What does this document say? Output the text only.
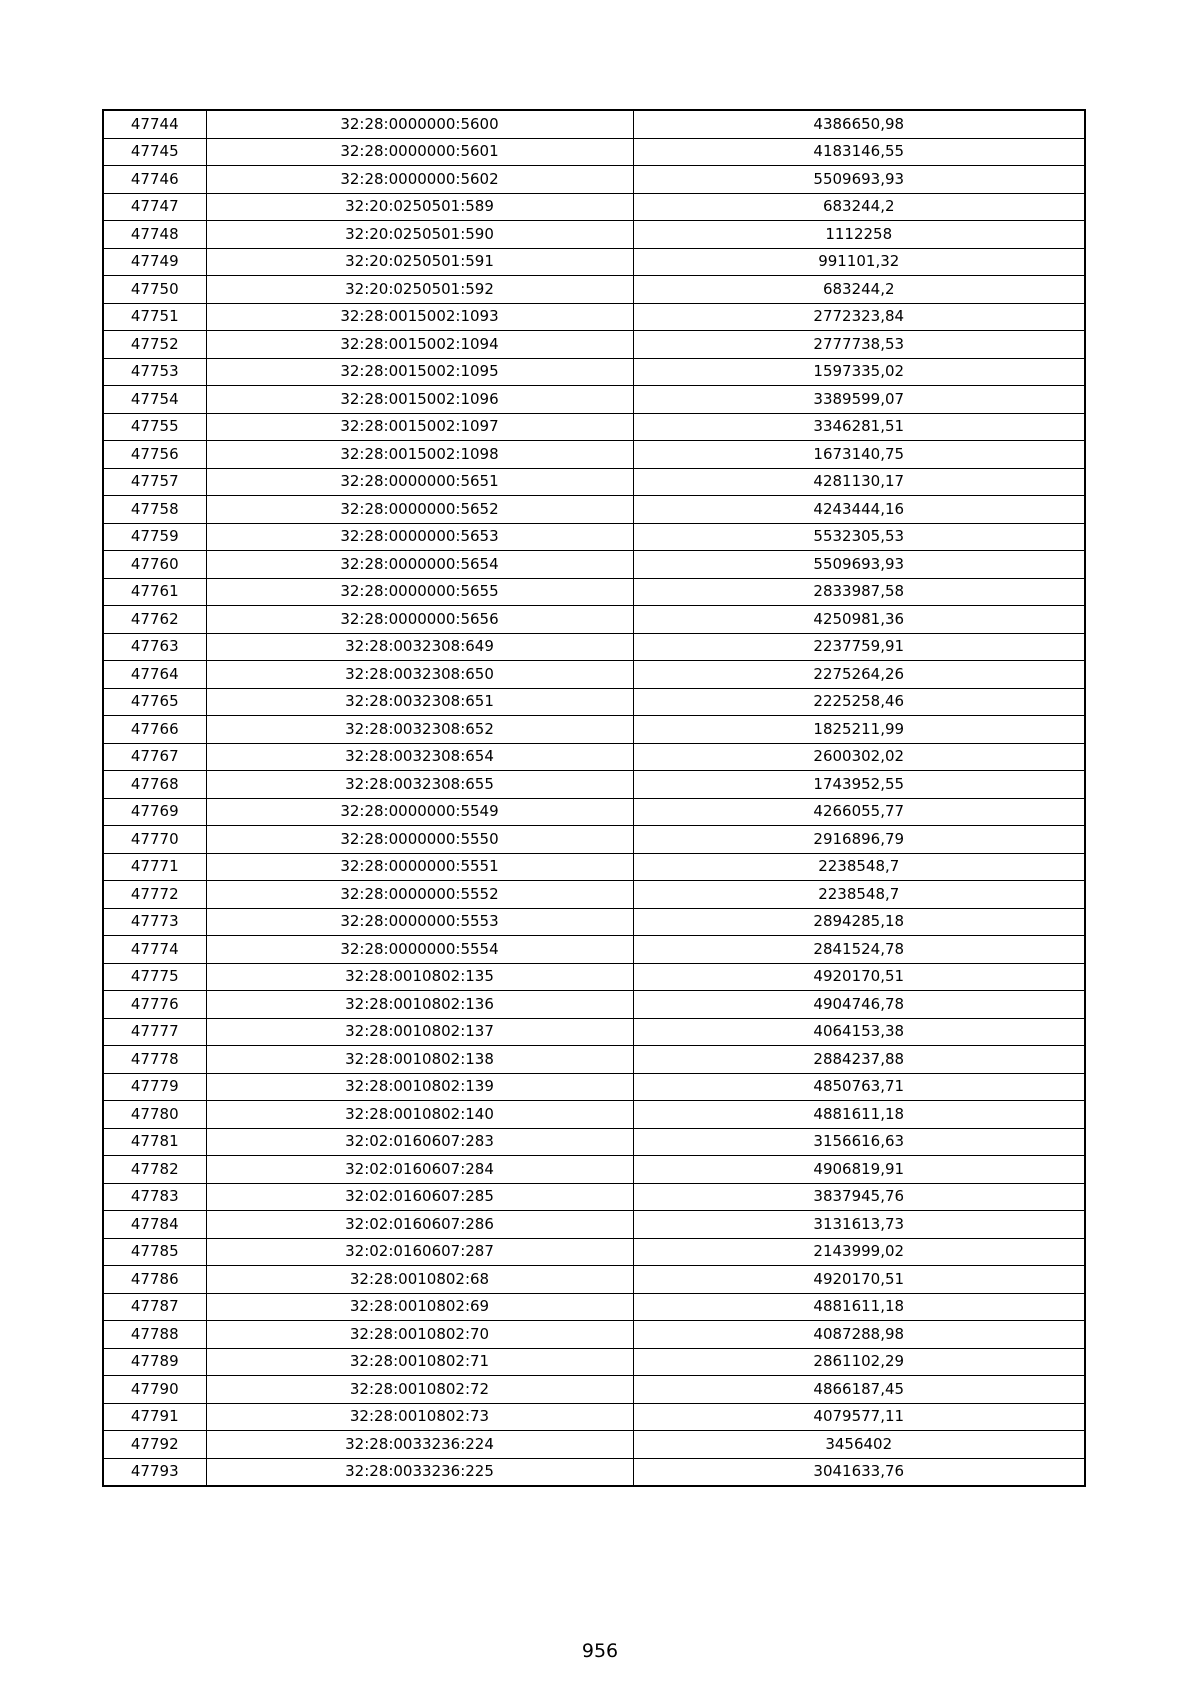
47744	32:28:0000000:5600	4386650,98
47745	32:28:0000000:5601	4183146,55
47746	32:28:0000000:5602	5509693,93
47747	32:20:0250501:589	683244,2
47748	32:20:0250501:590	1112258
47749	32:20:0250501:591	991101,32
47750	32:20:0250501:592	683244,2
47751	32:28:0015002:1093	2772323,84
47752	32:28:0015002:1094	2777738,53
47753	32:28:0015002:1095	1597335,02
47754	32:28:0015002:1096	3389599,07
47755	32:28:0015002:1097	3346281,51
47756	32:28:0015002:1098	1673140,75
47757	32:28:0000000:5651	4281130,17
47758	32:28:0000000:5652	4243444,16
47759	32:28:0000000:5653	5532305,53
47760	32:28:0000000:5654	5509693,93
47761	32:28:0000000:5655	2833987,58
47762	32:28:0000000:5656	4250981,36
47763	32:28:0032308:649	2237759,91
47764	32:28:0032308:650	2275264,26
47765	32:28:0032308:651	2225258,46
47766	32:28:0032308:652	1825211,99
47767	32:28:0032308:654	2600302,02
47768	32:28:0032308:655	1743952,55
47769	32:28:0000000:5549	4266055,77
47770	32:28:0000000:5550	2916896,79
47771	32:28:0000000:5551	2238548,7
47772	32:28:0000000:5552	2238548,7
47773	32:28:0000000:5553	2894285,18
47774	32:28:0000000:5554	2841524,78
47775	32:28:0010802:135	4920170,51
47776	32:28:0010802:136	4904746,78
47777	32:28:0010802:137	4064153,38
47778	32:28:0010802:138	2884237,88
47779	32:28:0010802:139	4850763,71
47780	32:28:0010802:140	4881611,18
47781	32:02:0160607:283	3156616,63
47782	32:02:0160607:284	4906819,91
47783	32:02:0160607:285	3837945,76
47784	32:02:0160607:286	3131613,73
47785	32:02:0160607:287	2143999,02
47786	32:28:0010802:68	4920170,51
47787	32:28:0010802:69	4881611,18
47788	32:28:0010802:70	4087288,98
47789	32:28:0010802:71	2861102,29
47790	32:28:0010802:72	4866187,45
47791	32:28:0010802:73	4079577,11
47792	32:28:0033236:224	3456402
47793	32:28:0033236:225	3041633,76
956
